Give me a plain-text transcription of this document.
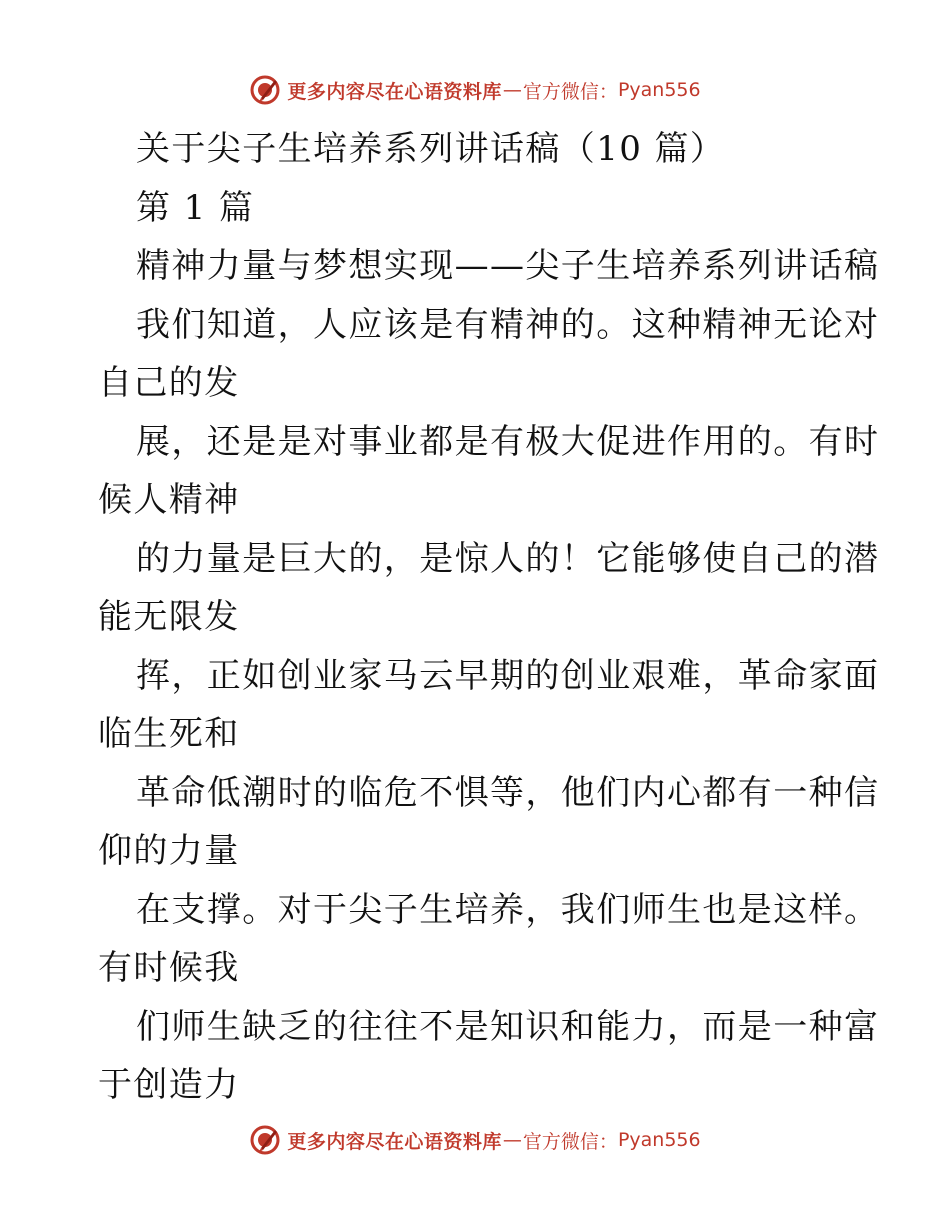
更多内容尽在心语资料库 — 官方微信： Pyan556
关于尖子生培养系列讲话稿（10 篇）
第 1 篇
精神力量与梦想实现——尖子生培养系列讲话稿
我们知道，人应该是有精神的。这种精神无论对
自己的发
展，还是是对事业都是有极大促进作用的。有时
候人精神
的力量是巨大的，是惊人的！它能够使自己的潜
能无限发
挥，正如创业家马云早期的创业艰难，革命家面
临生死和
革命低潮时的临危不惧等，他们内心都有一种信
仰的力量
在支撑。对于尖子生培养，我们师生也是这样。
有时候我
们师生缺乏的往往不是知识和能力，而是一种富
于创造力
更多内容尽在心语资料库 — 官方微信： Pyan556
